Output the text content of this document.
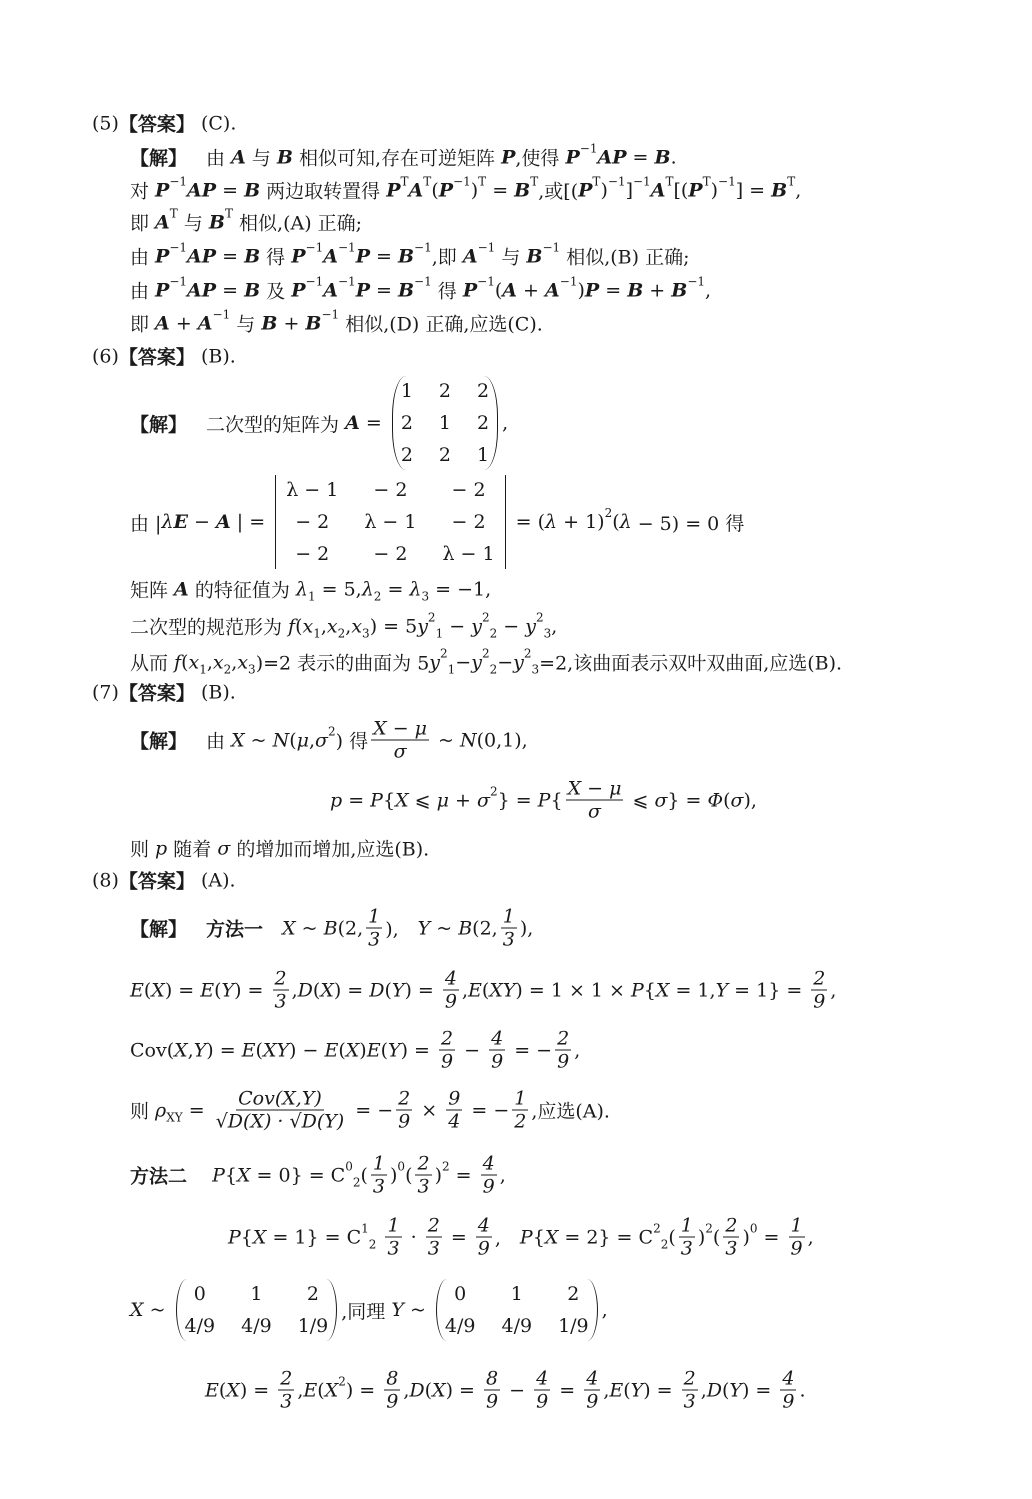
(5) 【答案】 (C).
【解】 　由 A 与 B 相似可知,存在可逆矩阵 P ,使得 P −1 AP = B .
对 P −1 AP = B 两边取转置得 P T A T ( P −1 ) T = B T ,或[( P T ) −1 ] −1 A T [( P T ) −1 ] = B T ,
即 A T 与 B T 相似,(A) 正确;
由 P −1 AP = B 得 P −1 A −1 P = B −1 ,即 A −1 与 B −1 相似,(B) 正确;
由 P −1 AP = B 及 P −1 A −1 P = B −1 得 P −1 ( A + A −1 ) P = B + B −1 ,
即 A + A −1 与 B + B −1 相似,(D) 正确,应选(C).
(6) 【答案】 (B).
【解】 　二次型的矩阵为 A =
1 2 2
2 1 2
2 2 1
,
由 | λ E − A | =
λ − 1	− 2	− 2
− 2	λ − 1	− 2
− 2	− 2	λ − 1
= ( λ + 1) 2 ( λ − 5) = 0 得
矩阵 A 的特征值为 λ 1 = 5, λ 2 = λ 3 = −1,
二次型的规范形为 f ( x 1 , x 2 , x 3 ) = 5 y 2
1 − y 2
2 − y 2
3 ,
从而 f ( x 1 , x 2 , x 3 )=2 表示的曲面为 5 y 2
1 − y 2
2 − y 2
3 =2,该曲面表示双叶双曲面,应选(B).
(7) 【答案】 (B).
【解】 　由 X ~ N ( μ , σ 2 ) 得 $\frac{X - \mu}{\sigma}$ ~ N (0,1),
p = P { X ⩽ μ + σ 2 } = P { $\frac{X - \mu}{\sigma}$ ⩽ σ } = Φ ( σ ),
则 p 随着 σ 的增加而增加,应选(B).
(8) 【答案】 (A).
【解】
　 方法一
　 X ~ B (2, $\frac{1}{3}$ ),　 Y ~ B (2, $\frac{1}{3}$ ),
E ( X ) = E ( Y ) = $\frac{2}{3}$ , D ( X ) = D ( Y ) = $\frac{4}{9}$ , E ( XY ) = 1 × 1 × P { X = 1, $Y = 1\} = \frac{2}{9}$ ,
Cov( X , Y ) = E ( XY ) − E ( X ) E ( Y ) = $\frac{2}{9} - \frac{4}{9}$ = − $\frac{2}{9}$ ,
则 ρ XY = $\frac{\text{Cov(X,Y)}}{√D(X) \cdot √D(Y)}$ = − $\frac{2}{9} \times \frac{9}{4}$ = − $\frac{1}{2}$ ,应选(A).
方法二
　 P { X = 0} = C 0
2 ( $\frac{1}{3}$ ) 0 ( $\frac{2}{3}$ ) $2 = \frac{4}{9}$ ,
P { X = 1} = C 1
2
$\frac{1}{3} \cdot \frac{2}{3} = \frac{4}{9}$ ,　 P { X = 2} = C 2
2 ( $\frac{1}{3}$ ) 2 ( $\frac{2}{3}$ ) $0 = \frac{1}{9}$ ,
X ~
0	1	2
4/9 4/9 1/9
,同理 Y ~
0	1	2
4/9 4/9 1/9
,
E ( X ) = $\frac{2}{3}$ , E ( X 2 ) = $\frac{8}{9}$ , D ( X ) = $\frac{8}{9} - \frac{4}{9} = \frac{4}{9}$ , E ( Y ) = $\frac{2}{3}$ , D ( Y ) = $\frac{4}{9}$ .
